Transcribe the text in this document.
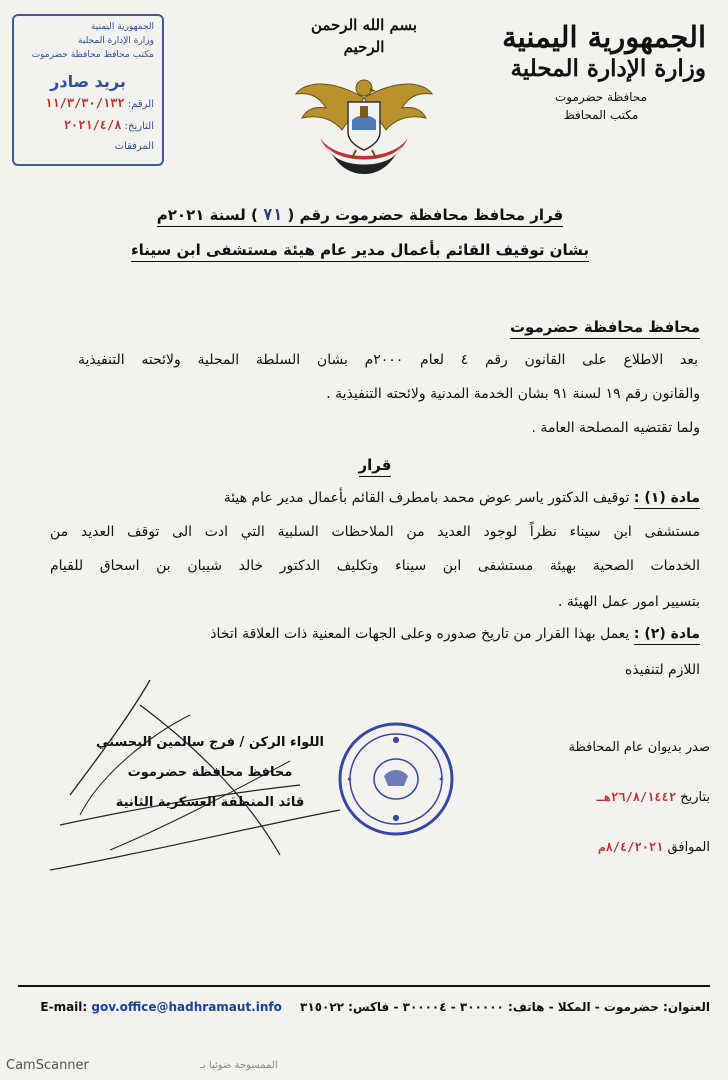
الجمهورية اليمنية
وزارة الإدارة المحلية
محافظة حضرموت
مكتب المحافظ
بسم الله الرحمن الرحيم
الجمهورية اليمنية
وزارة الإدارة المحلية
مكتب محافظ محافظة حضرموت
بريد صادر
الرقم: ١١/٣/٣٠/١٣٢
التاريخ: ٢٠٢١/٤/٨
المرفقات
قرار محافظ محافظة حضرموت رقم ( ٧١ ) لسنة ٢٠٢١م
بشان توقيف القائم بأعمال مدير عام هيئة مستشفى ابن سيناء
محافظ محافظة حضرموت
بعد الاطلاع على القانون رقم ٤ لعام ٢٠٠٠م بشان السلطة المحلية ولائحته التنفيذية
والقانون رقم ١٩ لسنة ٩١ بشان الخدمة المدنية ولائحته التنفيذية .
ولما تقتضيه المصلحة العامة .
قرار
مادة (١) : توقيف الدكتور ياسر عوض محمد بامطرف القائم بأعمال مدير عام هيئة
مستشفى ابن سيناء نظراً لوجود العديد من الملاحظات السلبية التي ادت الى توقف العديد من
الخدمات الصحية بهيئة مستشفى ابن سيناء وتكليف الدكتور خالد شيبان بن اسحاق للقيام
بتسيير امور عمل الهيئة .
مادة (٢) : يعمل بهذا القرار من تاريخ صدوره وعلى الجهات المعنية ذات العلاقة اتخاذ
اللازم لتنفيذه
اللواء الركن / فرج سالمين البحسني
محافظ محافظة حضرموت
قائد المنطقة العسكرية الثانية
●
●
✦	✦
صدر بديوان عام المحافظة
بتاريخ ٢٦/٨/١٤٤٢هـ
الموافق ٨/٤/٢٠٢١م
العنوان: حضرموت - المكلا - هاتف: ٣٠٠٠٠٠ - ٣٠٠٠٠٤ - فاكس: ٣١٥٠٢٢ E-mail: gov.office@hadhramaut.info
CamScanner	الممسوحة ضوئيا بـ
